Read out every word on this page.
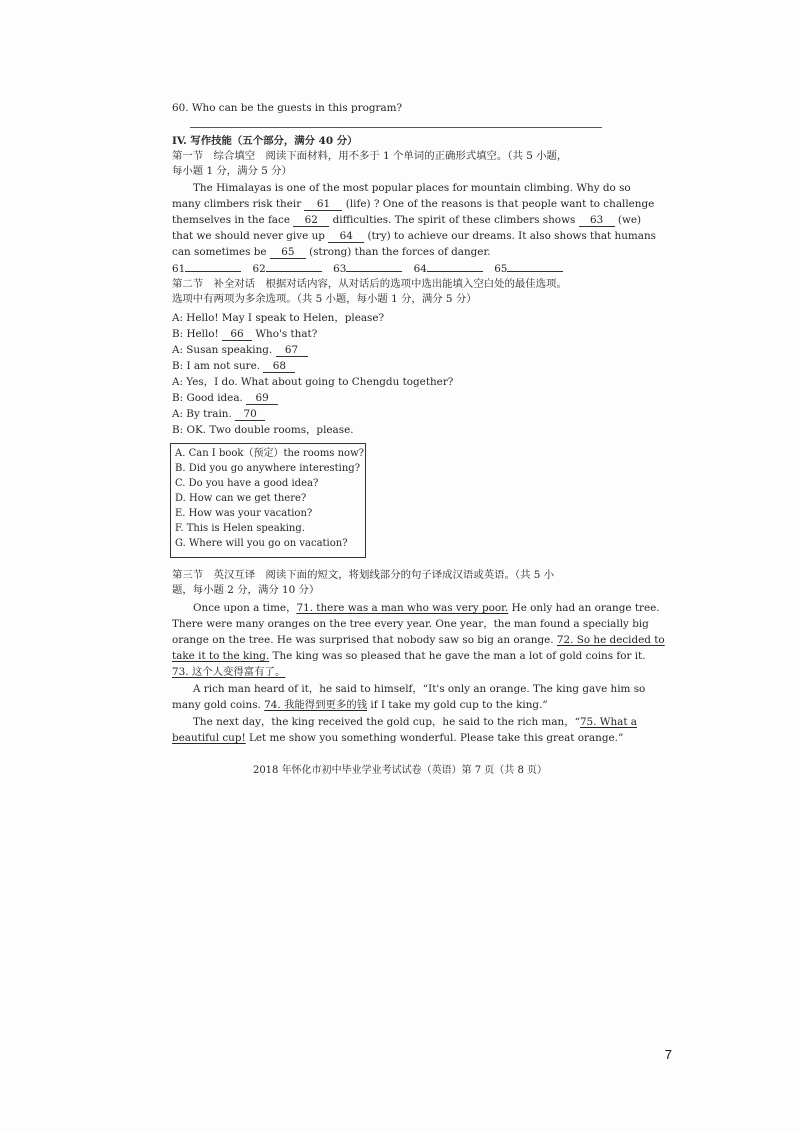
60. Who can be the guests in this program?
IV. 写作技能（五个部分，满分 40 分）
第一节　综合填空　阅读下面材料，用不多于 1 个单词的正确形式填空。（共 5 小题，
每小题 1 分，满分 5 分）
The Himalayas is one of the most popular places for mountain climbing. Why do so
many climbers risk their 61 (life) ? One of the reasons is that people want to challenge
themselves in the face 62 difficulties. The spirit of these climbers shows 63 (we)
that we should never give up 64 (try) to achieve our dreams. It also shows that humans
can sometimes be 65 (strong) than the forces of danger.
61	62	63	64	65
第二节　补全对话　根据对话内容，从对话后的选项中选出能填入空白处的最佳选项。
选项中有两项为多余选项。（共 5 小题，每小题 1 分，满分 5 分）
A: Hello! May I speak to Helen，please?
B: Hello! 66 Who's that?
A: Susan speaking. 67
B: I am not sure. 68
A: Yes，I do. What about going to Chengdu together?
B: Good idea. 69
A: By train. 70
B: OK. Two double rooms，please.
A. Can I book（预定）the rooms now?
B. Did you go anywhere interesting?
C. Do you have a good idea?
D. How can we get there?
E. How was your vacation?
F. This is Helen speaking.
G. Where will you go on vacation?
第三节　英汉互译　阅读下面的短文，将划线部分的句子译成汉语或英语。（共 5 小
题，每小题 2 分，满分 10 分）
Once upon a time，71. there was a man who was very poor. He only had an orange tree.
There were many oranges on the tree every year. One year，the man found a specially big
orange on the tree. He was surprised that nobody saw so big an orange. 72. So he decided to
take it to the king. The king was so pleased that he gave the man a lot of gold coins for it.
73. 这个人变得富有了。
A rich man heard of it，he said to himself，“It's only an orange. The king gave him so
many gold coins. 74. 我能得到更多的钱 if I take my gold cup to the king.”
The next day，the king received the gold cup，he said to the rich man，“75. What a
beautiful cup! Let me show you something wonderful. Please take this great orange.”
2018 年怀化市初中毕业学业考试试卷（英语）第 7 页（共 8 页）
7
